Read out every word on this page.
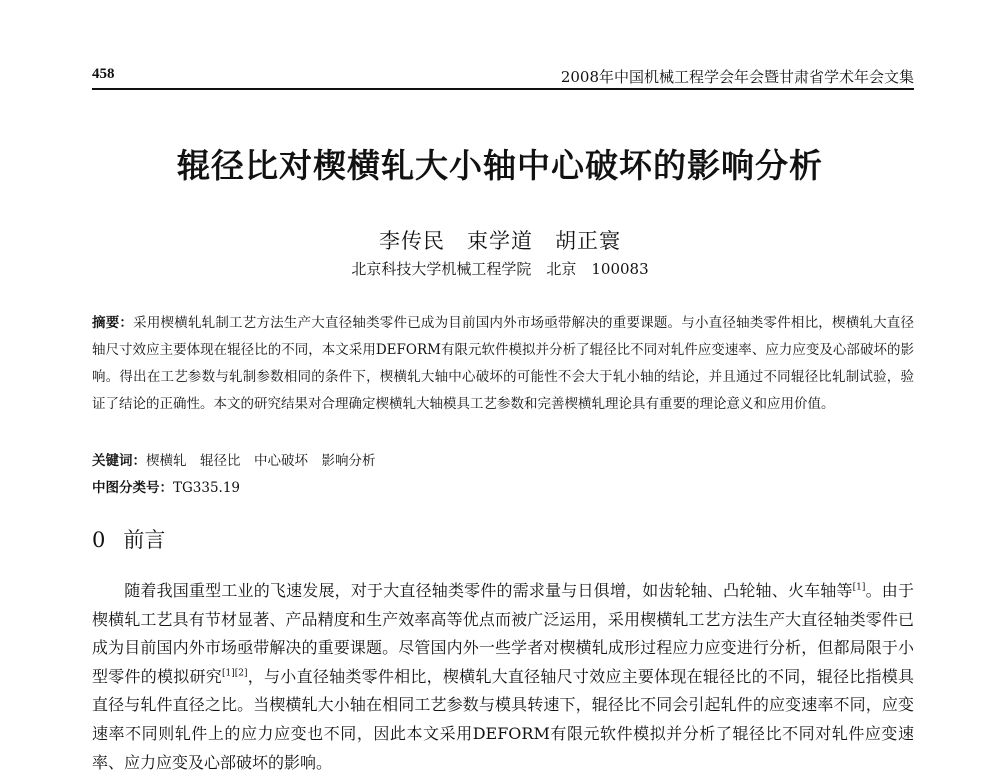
458	2008年中国机械工程学会年会暨甘肃省学术年会文集
辊径比对楔横轧大小轴中心破坏的影响分析
李传民　束学道　胡正寰
北京科技大学机械工程学院　北京　100083
摘要：采用楔横轧轧制工艺方法生产大直径轴类零件已成为目前国内外市场亟带解决的重要课题。与小直径轴类零件相比，楔横轧大直径轴尺寸效应主要体现在辊径比的不同，本文采用DEFORM有限元软件模拟并分析了辊径比不同对轧件应变速率、应力应变及心部破坏的影响。得出在工艺参数与轧制参数相同的条件下，楔横轧大轴中心破坏的可能性不会大于轧小轴的结论，并且通过不同辊径比轧制试验，验证了结论的正确性。本文的研究结果对合理确定楔横轧大轴模具工艺参数和完善楔横轧理论具有重要的理论意义和应用价值。
关键词：楔横轧　辊径比　中心破坏　影响分析
中图分类号：TG335.19
0 前言
随着我国重型工业的飞速发展，对于大直径轴类零件的需求量与日俱增，如齿轮轴、凸轮轴、火车轴等[1]。由于楔横轧工艺具有节材显著、产品精度和生产效率高等优点而被广泛运用，采用楔横轧工艺方法生产大直径轴类零件已成为目前国内外市场亟带解决的重要课题。尽管国内外一些学者对楔横轧成形过程应力应变进行分析，但都局限于小型零件的模拟研究[1][2]，与小直径轴类零件相比，楔横轧大直径轴尺寸效应主要体现在辊径比的不同，辊径比指模具直径与轧件直径之比。当楔横轧大小轴在相同工艺参数与模具转速下，辊径比不同会引起轧件的应变速率不同，应变速率不同则轧件上的应力应变也不同，因此本文采用DEFORM有限元软件模拟并分析了辊径比不同对轧件应变速率、应力应变及心部破坏的影响。
